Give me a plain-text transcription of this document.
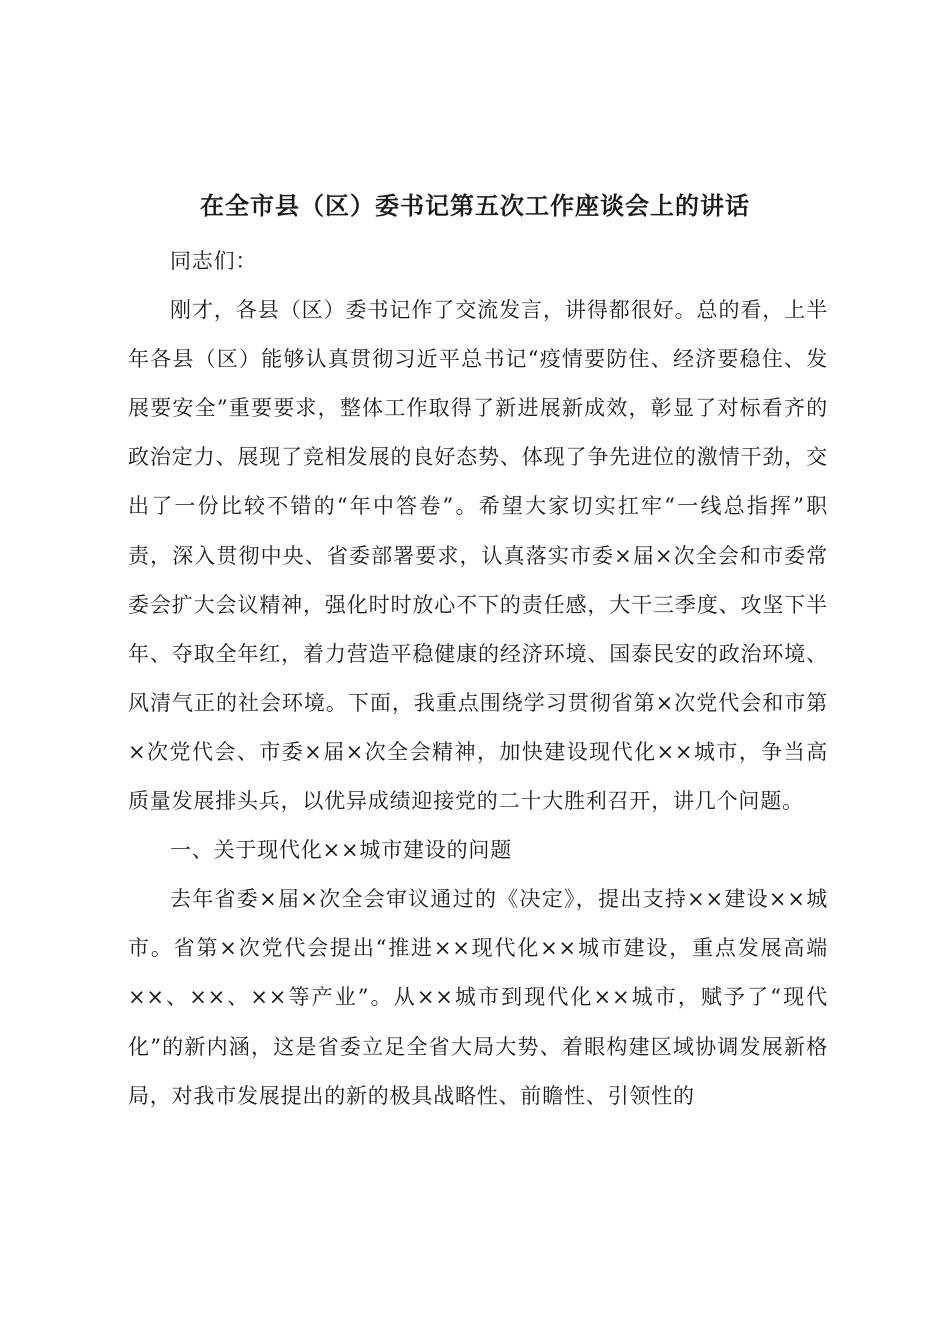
在全市县（区）委书记第五次工作座谈会上的讲话

同志们：

刚才，各县（区）委书记作了交流发言，讲得都很好。总的看，上半年各县（区）能够认真贯彻习近平总书记“疫情要防住、经济要稳住、发展要安全”重要要求，整体工作取得了新进展新成效，彰显了对标看齐的政治定力、展现了竞相发展的良好态势、体现了争先进位的激情干劲，交出了一份比较不错的“年中答卷”。希望大家切实扛牢“一线总指挥”职责，深入贯彻中央、省委部署要求，认真落实市委×届×次全会和市委常委会扩大会议精神，强化时时放心不下的责任感，大干三季度、攻坚下半年、夺取全年红，着力营造平稳健康的经济环境、国泰民安的政治环境、风清气正的社会环境。下面，我重点围绕学习贯彻省第×次党代会和市第×次党代会、市委×届×次全会精神，加快建设现代化××城市，争当高质量发展排头兵，以优异成绩迎接党的二十大胜利召开，讲几个问题。

一、关于现代化××城市建设的问题

去年省委×届×次全会审议通过的《决定》，提出支持××建设××城市。省第×次党代会提出“推进××现代化××城市建设，重点发展高端××、××、××等产业”。从××城市到现代化××城市，赋予了“现代化”的新内涵，这是省委立足全省大局大势、着眼构建区域协调发展新格局，对我市发展提出的新的极具战略性、前瞻性、引领性的
